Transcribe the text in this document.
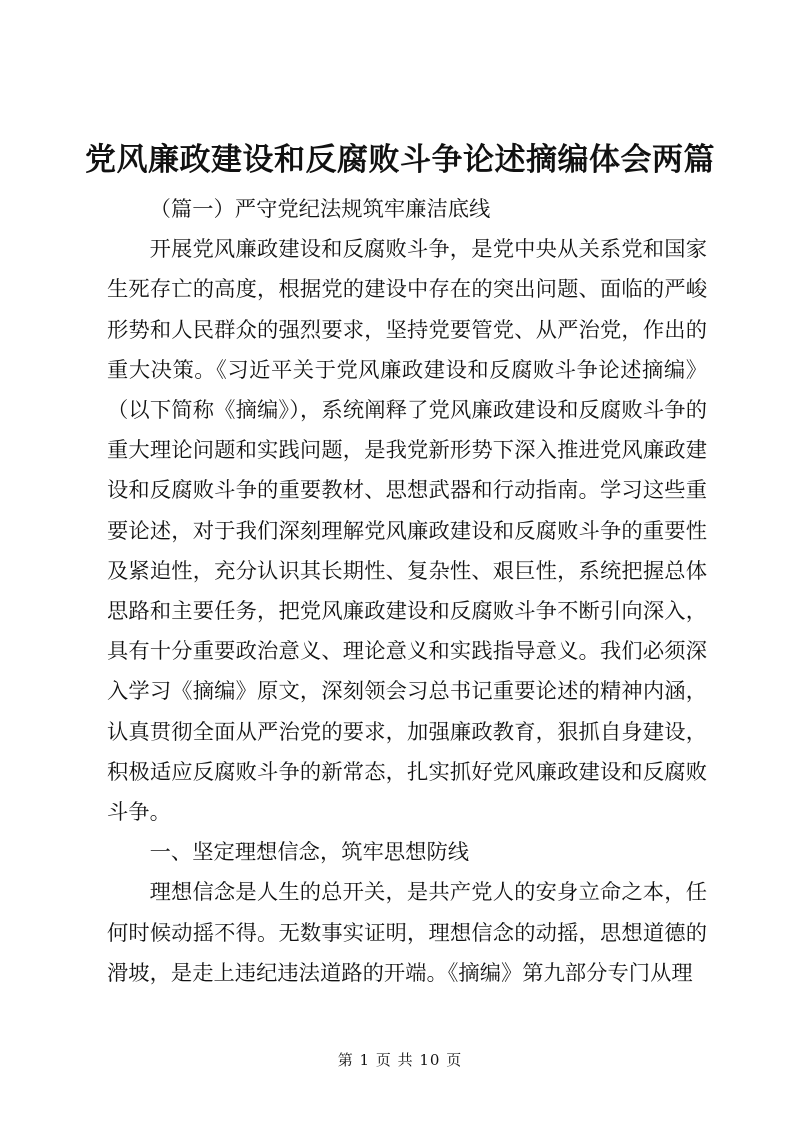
党风廉政建设和反腐败斗争论述摘编体会两篇

（篇一）严守党纪法规筑牢廉洁底线

开展党风廉政建设和反腐败斗争，是党中央从关系党和国家生死存亡的高度，根据党的建设中存在的突出问题、面临的严峻形势和人民群众的强烈要求，坚持党要管党、从严治党，作出的重大决策。《习近平关于党风廉政建设和反腐败斗争论述摘编》（以下简称《摘编》），系统阐释了党风廉政建设和反腐败斗争的重大理论问题和实践问题，是我党新形势下深入推进党风廉政建设和反腐败斗争的重要教材、思想武器和行动指南。学习这些重要论述，对于我们深刻理解党风廉政建设和反腐败斗争的重要性及紧迫性，充分认识其长期性、复杂性、艰巨性，系统把握总体思路和主要任务，把党风廉政建设和反腐败斗争不断引向深入，具有十分重要政治意义、理论意义和实践指导意义。我们必须深入学习《摘编》原文，深刻领会习总书记重要论述的精神内涵，认真贯彻全面从严治党的要求，加强廉政教育，狠抓自身建设，积极适应反腐败斗争的新常态，扎实抓好党风廉政建设和反腐败斗争。

一、坚定理想信念，筑牢思想防线

理想信念是人生的总开关，是共产党人的安身立命之本，任何时候动摇不得。无数事实证明，理想信念的动摇，思想道德的滑坡，是走上违纪违法道路的开端。《摘编》第九部分专门从理

第 1 页 共 10 页
